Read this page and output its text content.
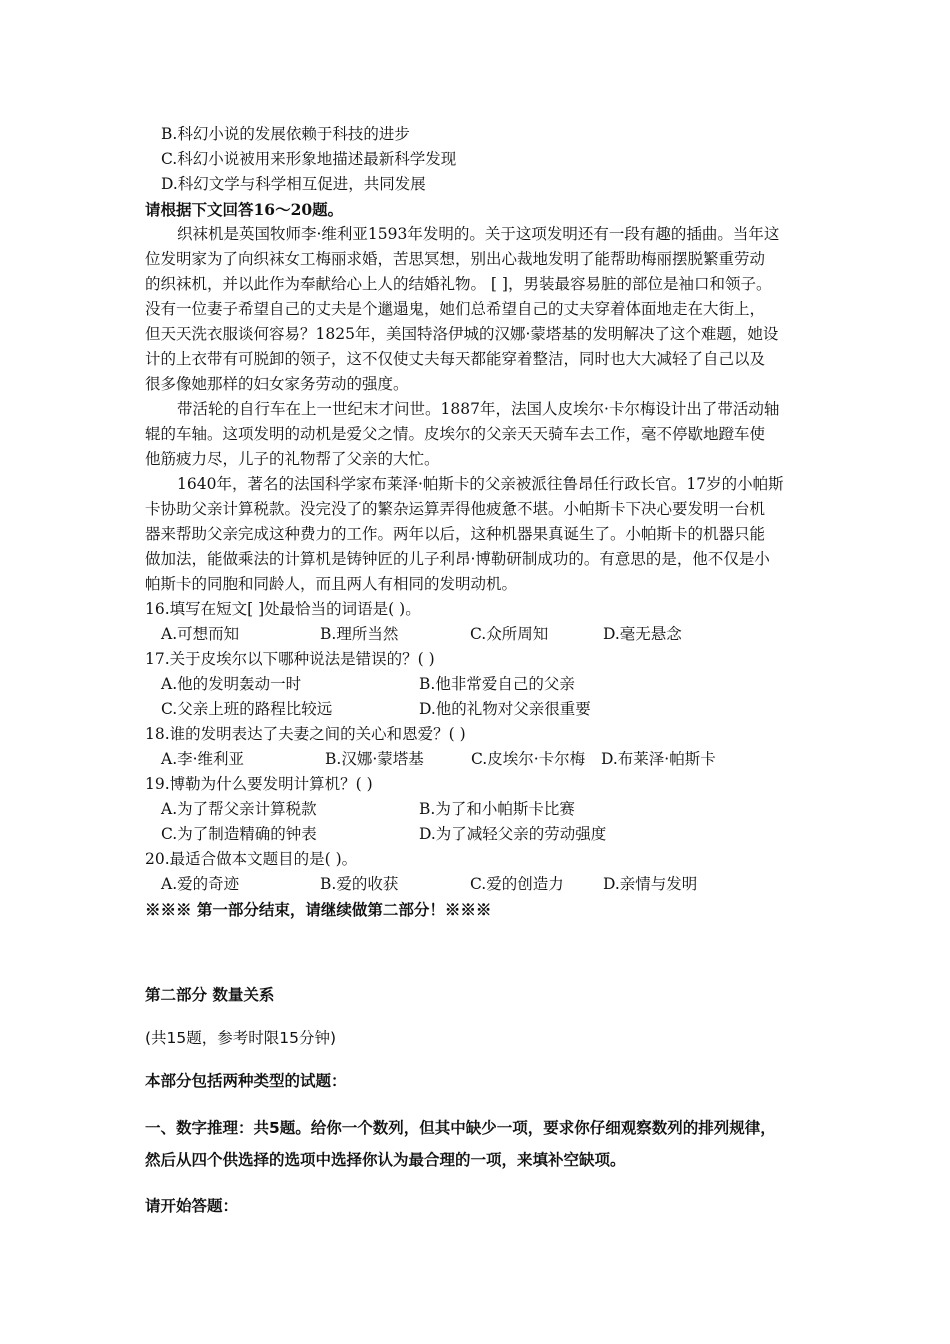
B.科幻小说的发展依赖于科技的进步
C.科幻小说被用来形象地描述最新科学发现
D.科幻文学与科学相互促进，共同发展
请根据下文回答16～20题。
织袜机是英国牧师李·维利亚1593年发明的。关于这项发明还有一段有趣的插曲。当年这
位发明家为了向织袜女工梅丽求婚，苦思冥想，别出心裁地发明了能帮助梅丽摆脱繁重劳动
的织袜机，并以此作为奉献给心上人的结婚礼物。 [ ]，男装最容易脏的部位是袖口和领子。
没有一位妻子希望自己的丈夫是个邋遢鬼，她们总希望自己的丈夫穿着体面地走在大街上，
但天天洗衣服谈何容易？1825年，美国特洛伊城的汉娜·蒙塔基的发明解决了这个难题，她设
计的上衣带有可脱卸的领子，这不仅使丈夫每天都能穿着整洁，同时也大大减轻了自己以及
很多像她那样的妇女家务劳动的强度。
带活轮的自行车在上一世纪末才问世。1887年，法国人皮埃尔·卡尔梅设计出了带活动轴
辊的车轴。这项发明的动机是爱父之情。皮埃尔的父亲天天骑车去工作，毫不停歇地蹬车使
他筋疲力尽，儿子的礼物帮了父亲的大忙。
1640年，著名的法国科学家布莱泽·帕斯卡的父亲被派往鲁昂任行政长官。17岁的小帕斯
卡协助父亲计算税款。没完没了的繁杂运算弄得他疲惫不堪。小帕斯卡下决心要发明一台机
器来帮助父亲完成这种费力的工作。两年以后，这种机器果真诞生了。小帕斯卡的机器只能
做加法，能做乘法的计算机是铸钟匠的儿子利昂·博勒研制成功的。有意思的是，他不仅是小
帕斯卡的同胞和同龄人，而且两人有相同的发明动机。
16.填写在短文[ ]处最恰当的词语是( )。
A.可想而知	B.理所当然	C.众所周知	D.毫无悬念
17.关于皮埃尔以下哪种说法是错误的？( )
A.他的发明轰动一时	B.他非常爱自己的父亲
C.父亲上班的路程比较远	D.他的礼物对父亲很重要
18.谁的发明表达了夫妻之间的关心和恩爱？( )
A.李·维利亚	B.汉娜·蒙塔基	C.皮埃尔·卡尔梅 D.布莱泽·帕斯卡
19.博勒为什么要发明计算机？( )
A.为了帮父亲计算税款	B.为了和小帕斯卡比赛
C.为了制造精确的钟表	D.为了减轻父亲的劳动强度
20.最适合做本文题目的是( )。
A.爱的奇迹	B.爱的收获	C.爱的创造力	D.亲情与发明
※※※ 第一部分结束，请继续做第二部分！※※※
第二部分 数量关系
(共15题，参考时限15分钟)
本部分包括两种类型的试题：
一、数字推理：共5题。给你一个数列，但其中缺少一项，要求你仔细观察数列的排列规律，
然后从四个供选择的选项中选择你认为最合理的一项，来填补空缺项。
请开始答题：
